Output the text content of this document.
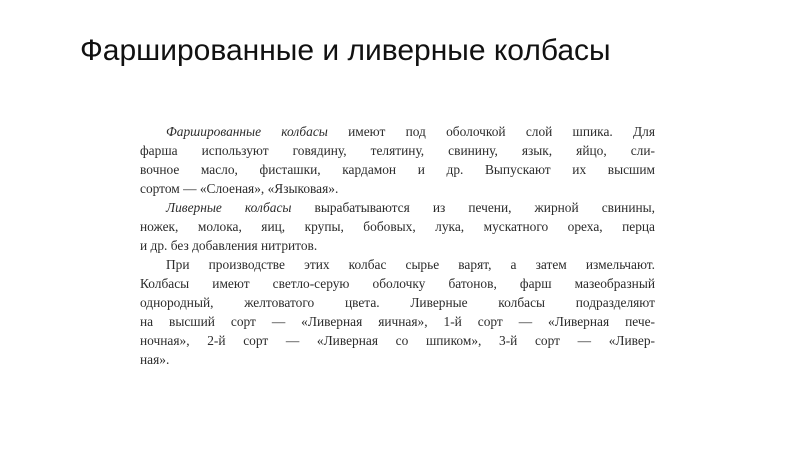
Фаршированные и ливерные колбасы
Фаршированные колбасы имеют под оболочкой слой шпика. Для
фарша используют говядину, телятину, свинину, язык, яйцо, сли-
вочное масло, фисташки, кардамон и др. Выпускают их высшим
сортом — «Слоеная», «Языковая».
Ливерные колбасы вырабатываются из печени, жирной свинины,
ножек, молока, яиц, крупы, бобовых, лука, мускатного ореха, перца
и др. без добавления нитритов.
При производстве этих колбас сырье варят, а затем измельчают.
Колбасы имеют светло-серую оболочку батонов, фарш мазеобразный
однородный, желтоватого цвета. Ливерные колбасы подразделяют
на высший сорт — «Ливерная яичная», 1-й сорт — «Ливерная пече-
ночная», 2-й сорт — «Ливерная со шпиком», 3-й сорт — «Ливер-
ная».
